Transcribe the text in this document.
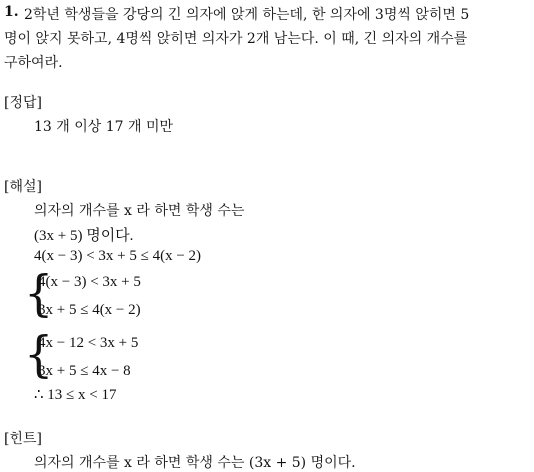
1. 2학년 학생들을 강당의 긴 의자에 앉게 하는데, 한 의자에 3명씩 앉히면 5
명이 앉지 못하고, 4명씩 앉히면 의자가 2개 남는다. 이 때, 긴 의자의 개수를
구하여라.
[정답]
13 개 이상 17 개 미만
[해설]
의자의 개수를 x 라 하면 학생 수는
(3x + 5) 명이다.
4(x − 3) < 3x + 5 ≤ 4(x − 2)
{
4(x − 3) < 3x + 5
3x + 5 ≤ 4(x − 2)
{
4x − 12 < 3x + 5
3x + 5 ≤ 4x − 8
∴ 13 ≤ x < 17
[힌트]
의자의 개수를 x 라 하면 학생 수는 (3x + 5) 명이다.
